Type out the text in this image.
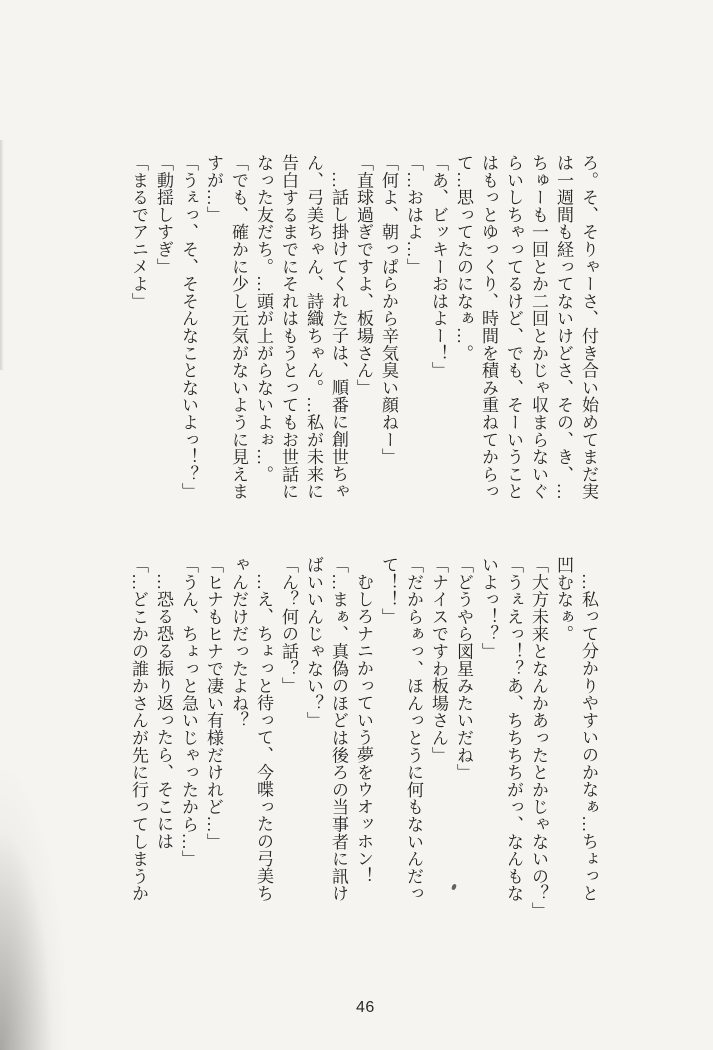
ろ。そ、そりゃーさ、付き合い始めてまだ実
は一週間も経ってないけどさ、その、き、…
ちゅーも一回とか二回とかじゃ収まらないぐ
らいしちゃってるけど、でも、そーいうこと
はもっとゆっくり、時間を積み重ねてからっ
て…思ってたのになぁ…。
「あ、ビッキーおはよー！」
「…おはよ…」
「何よ、朝っぱらから辛気臭い顔ねー」
「直球過ぎですよ、板場さん」
…話し掛けてくれた子は、順番に創世ちゃ
ん、弓美ちゃん、詩織ちゃん。…私が未来に
告白するまでにそれはもうとってもお世話に
なった友だち。…頭が上がらないよぉ…。
「でも、確かに少し元気がないように見えま
すが…」
「うぇっ、そ、そそんなことないよっ！？」
「動揺しすぎ」
「まるでアニメよ」
…私って分かりやすいのかなぁ…ちょっと
凹むなぁ。
「大方未来となんかあったとかじゃないの？」
「うぇえっ！？あ、ちちちちがっ、なんもな
いよっ！？」
「どうやら図星みたいだね」
「ナイスですわ板場さん」
「だからぁっ、ほんっとうに何もないんだっ
て！！」
むしろナニかっていう夢をウオッホン！
「…まぁ、真偽のほどは後ろの当事者に訊け
ばいいんじゃない？」
「ん？何の話？」
…え、ちょっと待って、今喋ったの弓美ち
ゃんだけだったよね？
「ヒナもヒナで凄い有様だけれど…」
「うん、ちょっと急いじゃったから…」
…恐る恐る振り返ったら、そこには
「…どこかの誰かさんが先に行ってしまうか
46
